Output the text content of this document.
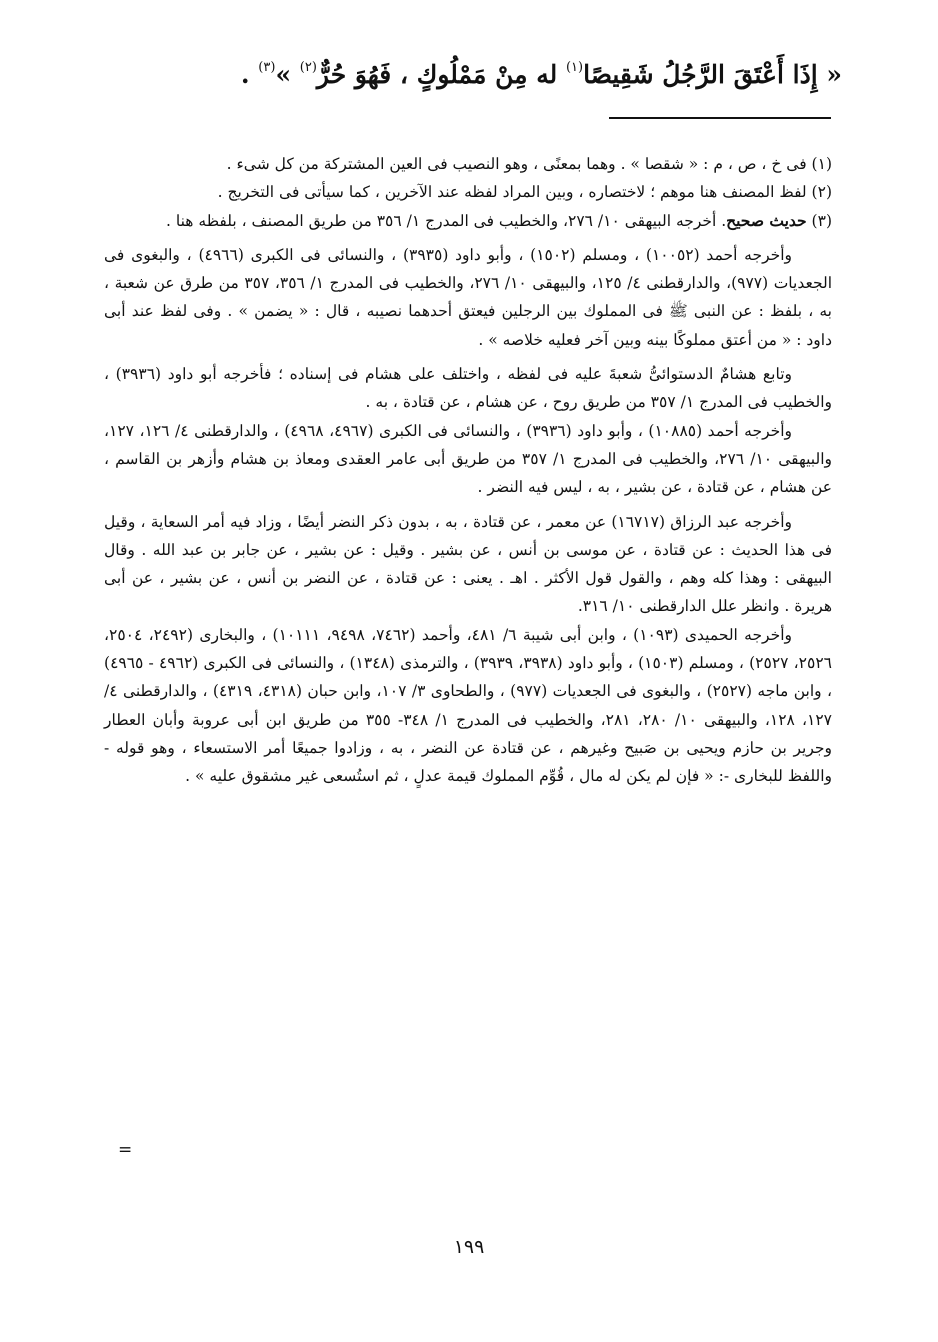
« إِذَا أَعْتَقَ الرَّجُلُ شَقِيصًا$^{(١)}$ له مِنْ مَمْلُوكٍ ، فَهُوَ حُرٌّ$^{(٢)}$ »$^{(٣)}$ .

(١) فى خ ، ص ، م : « شقصا » . وهما بمعنًى ، وهو النصيب فى العين المشتركة من كل شىء .

(٢) لفظ المصنف هنا موهم ؛ لاختصاره ، وبين المراد لفظه عند الآخرين ، كما سيأتى فى التخريج .

(٣) حديث صحيح. أخرجه البيهقى ١٠/ ٢٧٦، والخطيب فى المدرج ١/ ٣٥٦ من طريق المصنف ، بلفظه هنا .

وأخرجه أحمد (١٠٠٥٢) ، ومسلم (١٥٠٢) ، وأبو داود (٣٩٣٥) ، والنسائى فى الكبرى (٤٩٦٦) ، والبغوى فى الجعديات (٩٧٧)، والدارقطنى ٤/ ١٢٥، والبيهقى ١٠/ ٢٧٦، والخطيب فى المدرج ١/ ٣٥٦، ٣٥٧ من طرق عن شعبة ، به ، بلفظ : عن النبى ﷺ فى المملوك بين الرجلين فيعتق أحدهما نصيبه ، قال : « يضمن » . وفى لفظ عند أبى داود : « من أعتق مملوكًا بينه وبين آخر فعليه خلاصه » .

وتابع هشامٌ الدستوائىُّ شعبةَ عليه فى لفظه ، واختلف على هشام فى إسناده ؛ فأخرجه أبو داود (٣٩٣٦) ، والخطيب فى المدرج ١/ ٣٥٧ من طريق روح ، عن هشام ، عن قتادة ، به .

وأخرجه أحمد (١٠٨٨٥) ، وأبو داود (٣٩٣٦) ، والنسائى فى الكبرى (٤٩٦٧، ٤٩٦٨) ، والدارقطنى ٤/ ١٢٦، ١٢٧، والبيهقى ١٠/ ٢٧٦، والخطيب فى المدرج ١/ ٣٥٧ من طريق أبى عامر العقدى ومعاذ بن هشام وأزهر بن القاسم ، عن هشام ، عن قتادة ، عن بشير ، به ، ليس فيه النضر .

وأخرجه عبد الرزاق (١٦٧١٧) عن معمر ، عن قتادة ، به ، بدون ذكر النضر أيضًا ، وزاد فيه أمر السعاية ، وقيل فى هذا الحديث : عن قتادة ، عن موسى بن أنس ، عن بشير . وقيل : عن بشير ، عن جابر بن عبد الله . وقال البيهقى : وهذا كله وهم ، والقول قول الأكثر . اهـ . يعنى : عن قتادة ، عن النضر بن أنس ، عن بشير ، عن أبى هريرة . وانظر علل الدارقطنى ١٠/ ٣١٦.

وأخرجه الحميدى (١٠٩٣) ، وابن أبى شيبة ٦/ ٤٨١، وأحمد (٧٤٦٢، ٩٤٩٨، ١٠١١١) ، والبخارى (٢٤٩٢، ٢٥٠٤، ٢٥٢٦، ٢٥٢٧) ، ومسلم (١٥٠٣) ، وأبو داود (٣٩٣٨، ٣٩٣٩) ، والترمذى (١٣٤٨) ، والنسائى فى الكبرى (٤٩٦٢ - ٤٩٦٥) ، وابن ماجه (٢٥٢٧) ، والبغوى فى الجعديات (٩٧٧) ، والطحاوى ٣/ ١٠٧، وابن حبان (٤٣١٨، ٤٣١٩) ، والدارقطنى ٤/ ١٢٧، ١٢٨، والبيهقى ١٠/ ٢٨٠، ٢٨١، والخطيب فى المدرج ١/ ٣٤٨- ٣٥٥ من طريق ابن أبى عروبة وأبان العطار وجرير بن حازم ويحيى بن صَبيح وغيرهم ، عن قتادة عن النضر ، به ، وزادوا جميعًا أمر الاستسعاء ، وهو قوله - واللفظ للبخارى -: « فإن لم يكن له مال ، قُوِّم المملوك قيمة عدلٍ ، ثم استُسعى غير مشقوق عليه » .

=
١٩٩
